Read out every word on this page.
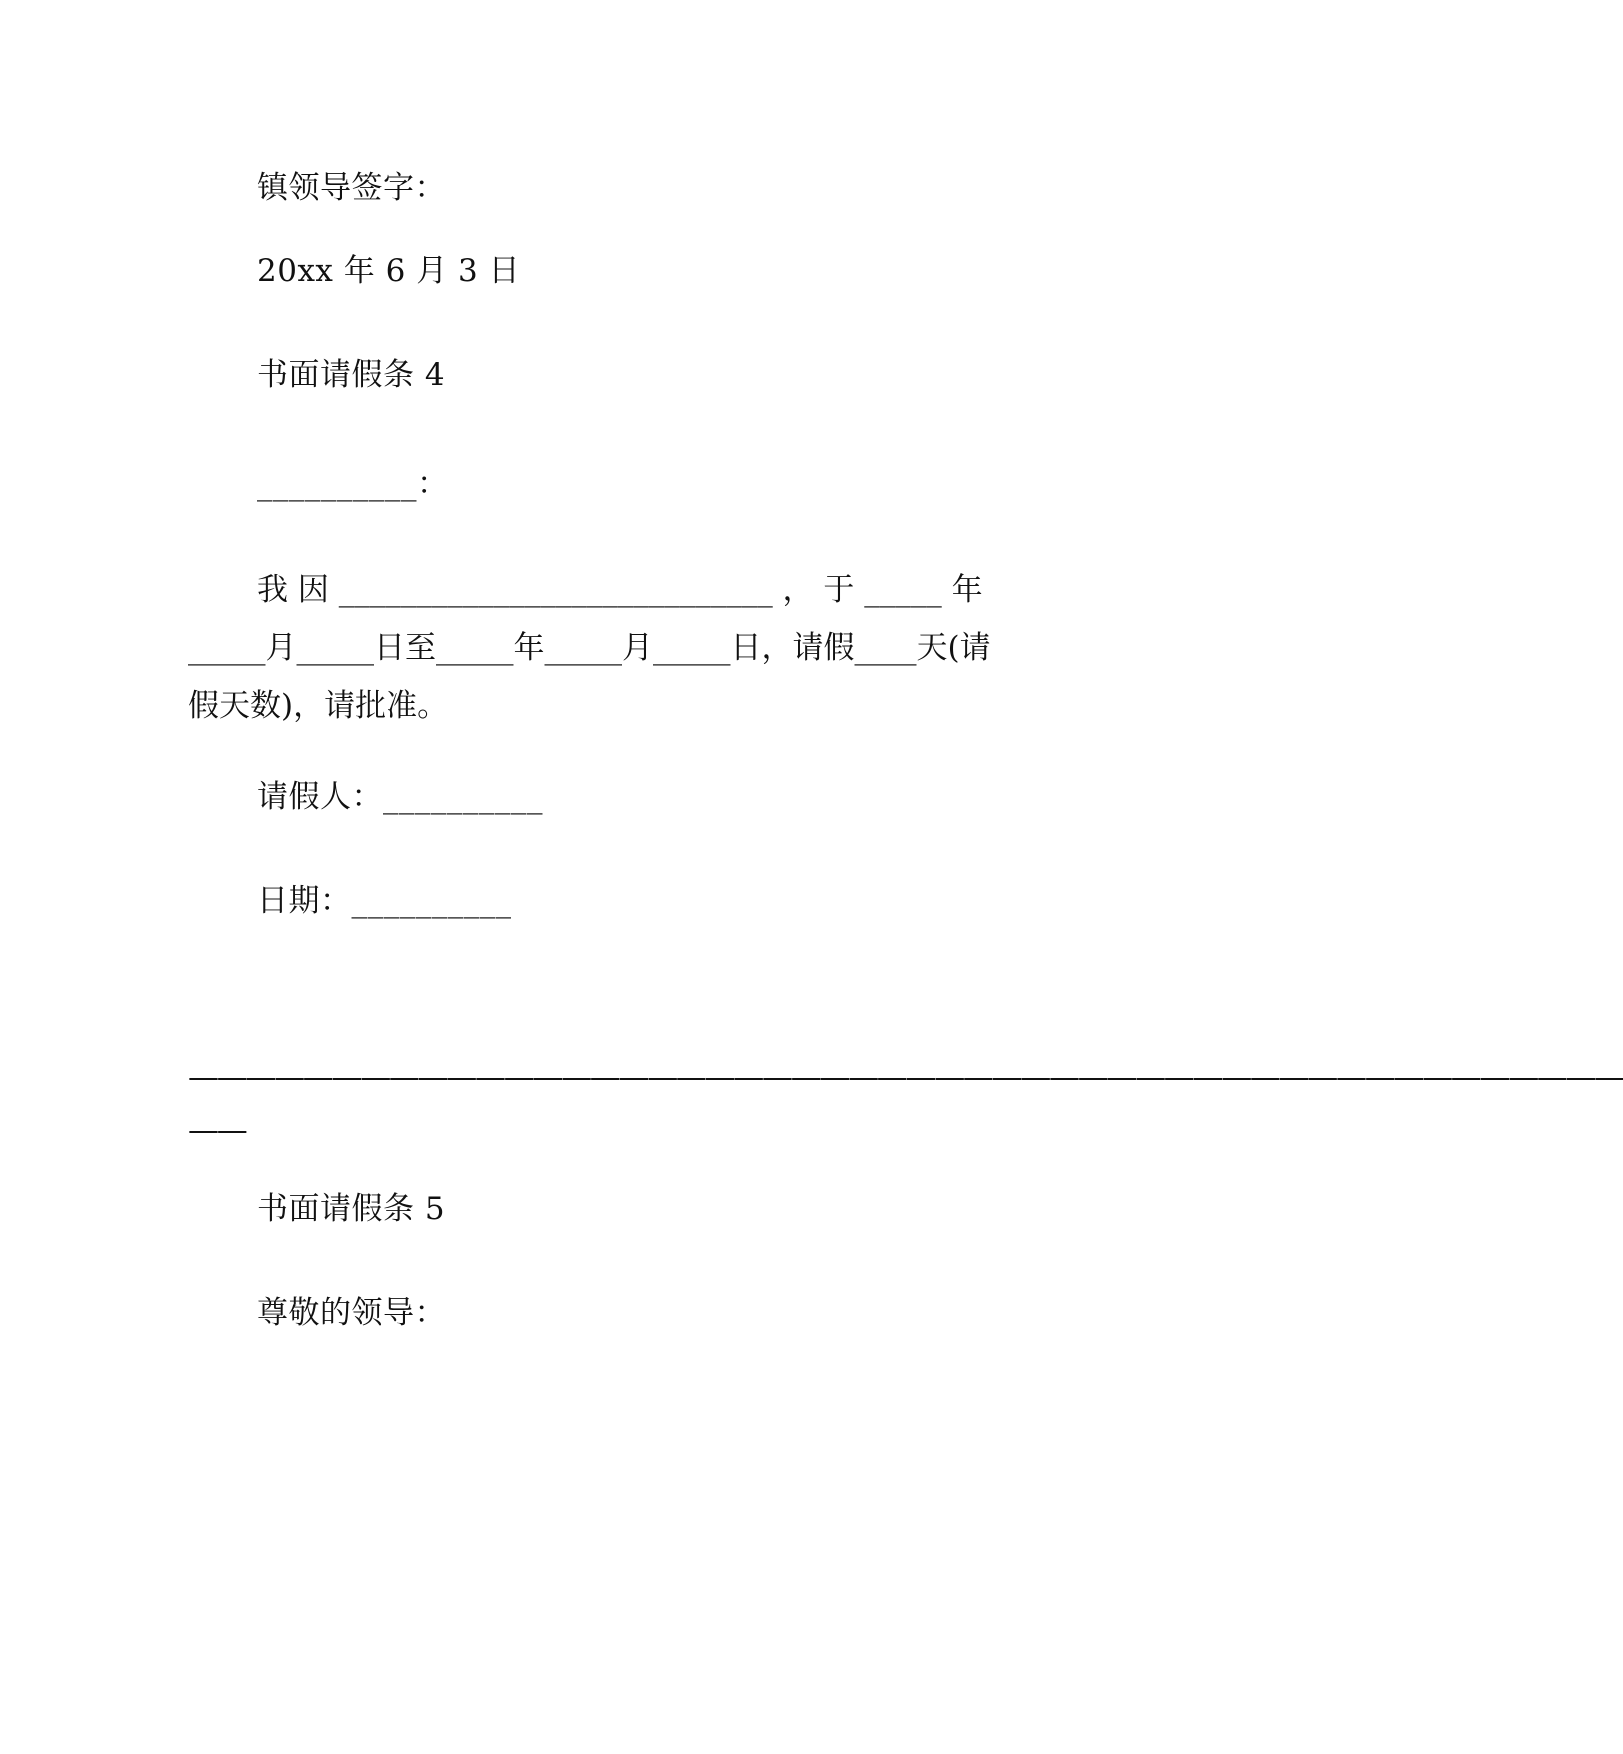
镇领导签字：
20xx 年 6 月 3 日
书面请假条 4
__________：
我 因 ____________________________ ， 于 _____ 年
_____月_____日至_____年_____月_____日，请假____天(请
假天数)，请批准。
请假人：__________
日期：__________
——————————————————————————————————————————————————
——
书面请假条 5
尊敬的领导：
